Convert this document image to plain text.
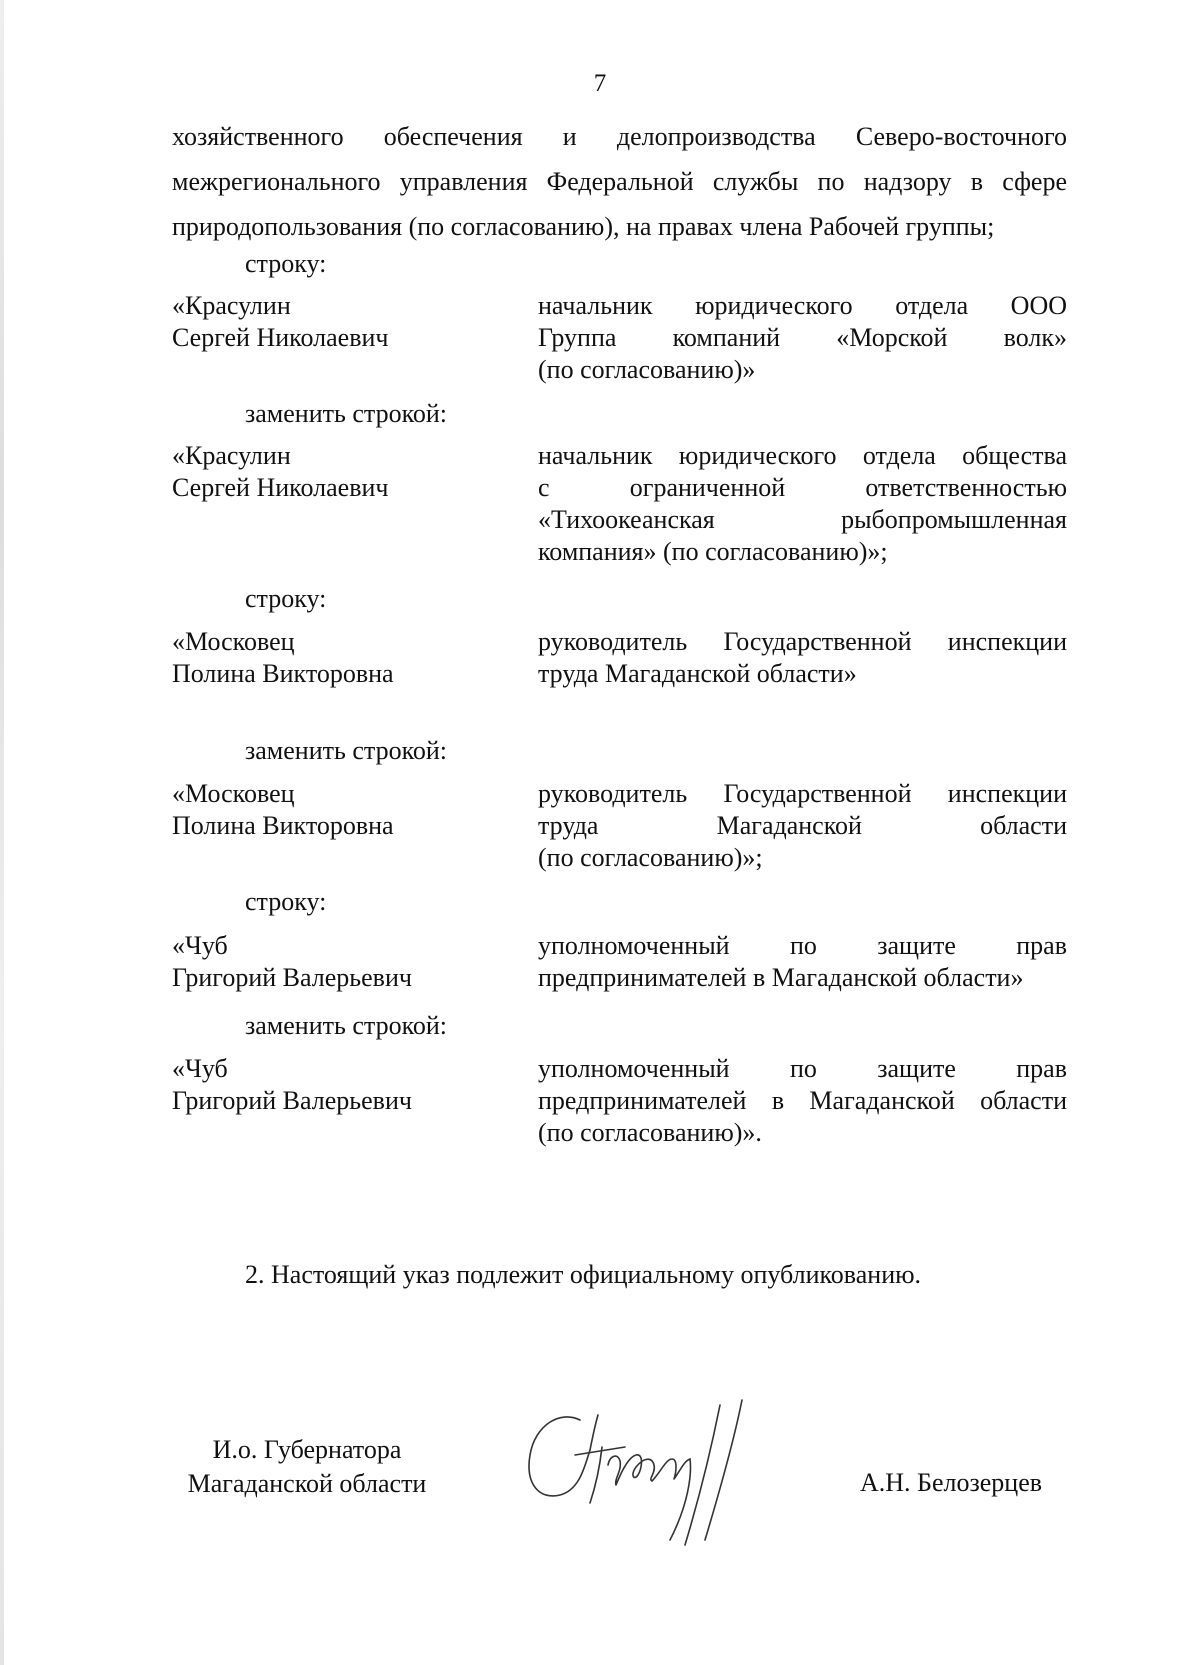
7

хозяйственного обеспечения и делопроизводства Северо-восточного

межрегионального управления Федеральной службы по надзору в сфере

природопользования (по согласованию), на правах члена Рабочей группы;

строку:
«Красулин
Сергей Николаевич
начальник юридического отдела ООО
Группа компаний «Морской волк»
(по согласованию)»
заменить строкой:
«Красулин
Сергей Николаевич
начальник юридического отдела общества
с ограниченной ответственностью
«Тихоокеанская рыбопромышленная
компания» (по согласованию)»;
строку:
«Московец
Полина Викторовна
руководитель Государственной инспекции
труда Магаданской области»
заменить строкой:
«Московец
Полина Викторовна
руководитель Государственной инспекции
труда Магаданской области
(по согласованию)»;
строку:
«Чуб
Григорий Валерьевич
уполномоченный по защите прав
предпринимателей в Магаданской области»
заменить строкой:
«Чуб
Григорий Валерьевич
уполномоченный по защите прав
предпринимателей в Магаданской области
(по согласованию)».
2. Настоящий указ подлежит официальному опубликованию.
И.о. Губернатора
Магаданской области	А.Н. Белозерцев
